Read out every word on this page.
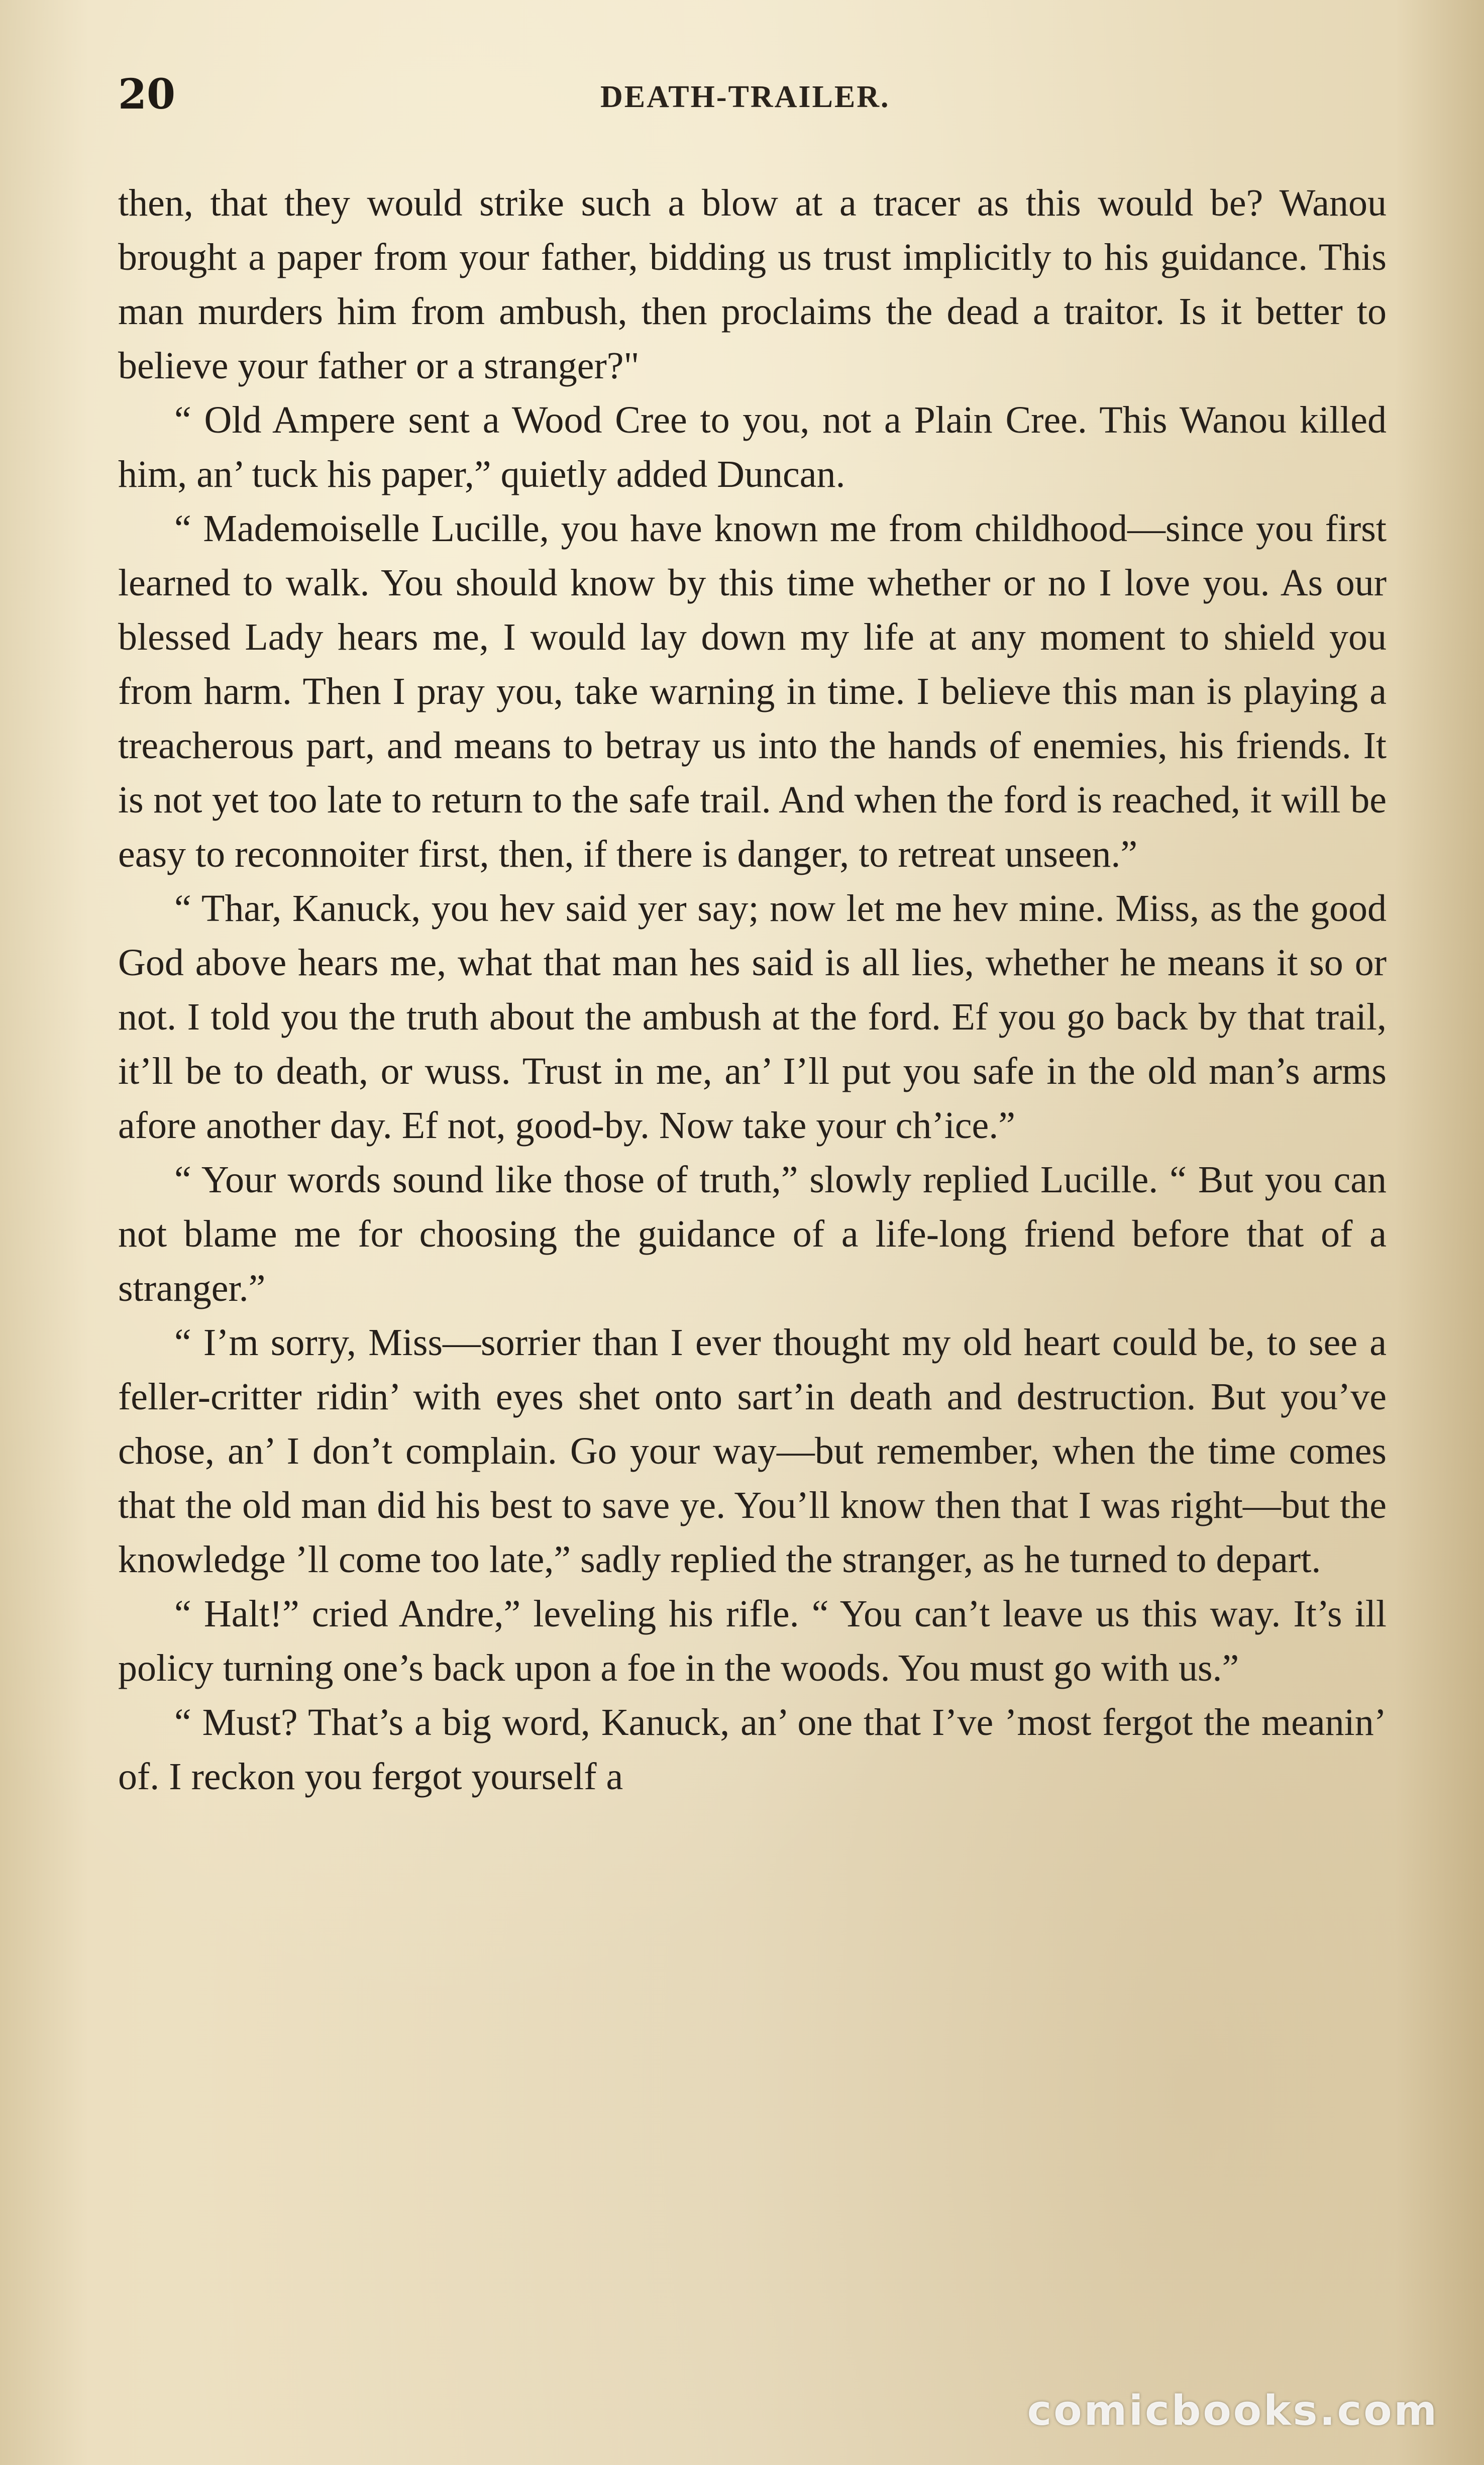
20	DEATH-TRAILER.

then, that they would strike such a blow at a tracer as this would be? Wanou brought a paper from your father, bidding us trust implicitly to his guidance. This man murders him from ambush, then proclaims the dead a traitor. Is it better to believe your father or a stranger?"

“ Old Ampere sent a Wood Cree to you, not a Plain Cree. This Wanou killed him, an’ tuck his paper,” quietly added Duncan.

“ Mademoiselle Lucille, you have known me from childhood—since you first learned to walk. You should know by this time whether or no I love you. As our blessed Lady hears me, I would lay down my life at any moment to shield you from harm. Then I pray you, take warning in time. I believe this man is playing a treacherous part, and means to betray us into the hands of enemies, his friends. It is not yet too late to return to the safe trail. And when the ford is reached, it will be easy to reconnoiter first, then, if there is danger, to retreat unseen.”

“ Thar, Kanuck, you hev said yer say; now let me hev mine. Miss, as the good God above hears me, what that man hes said is all lies, whether he means it so or not. I told you the truth about the ambush at the ford. Ef you go back by that trail, it’ll be to death, or wuss. Trust in me, an’ I’ll put you safe in the old man’s arms afore another day. Ef not, good-by. Now take your ch’ice.”

“ Your words sound like those of truth,” slowly replied Lucille. “ But you can not blame me for choosing the guidance of a life-long friend before that of a stranger.”

“ I’m sorry, Miss—sorrier than I ever thought my old heart could be, to see a feller-critter ridin’ with eyes shet onto sart’in death and destruction. But you’ve chose, an’ I don’t complain. Go your way—but remember, when the time comes that the old man did his best to save ye. You’ll know then that I was right—but the knowledge ’ll come too late,” sadly replied the stranger, as he turned to depart.

“ Halt!” cried Andre,” leveling his rifle. “ You can’t leave us this way. It’s ill policy turning one’s back upon a foe in the woods. You must go with us.”

“ Must? That’s a big word, Kanuck, an’ one that I’ve ’most fergot the meanin’ of. I reckon you fergot yourself a

comicbooks.com
